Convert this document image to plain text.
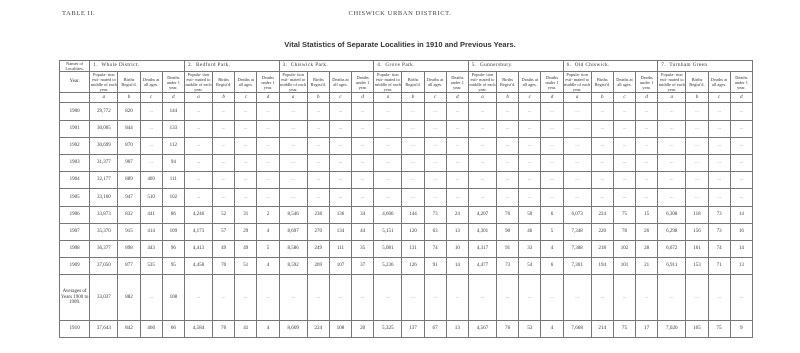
TABLE II.	CHISWICK URBAN DISTRICT.
Vital Statistics of Separate Localities in 1910 and Previous Years.
Names of Localities.	1. Whole District.				2. Bedford Park.				3. Chiswick Park.				4. Grove Park.				5. Gunnersbury.				6. Old Chiswick.				7. Turnham Green.			
Year.	Popula- tion esti- mated to middle of each year.	Births Regist'd.	Deaths at all ages.	Deaths under 1 year.	Popula- tion esti- mated to middle of each year.	Births Regist'd.	Deaths at all ages.	Deaths under 1 year.	Popula- tion esti- mated to middle of each year.	Births Regist'd.	Deaths at all ages.	Deaths under 1 year.	Popula- tion esti- mated to middle of each year.	Births Regist'd.	Deaths at all ages.	Deaths under 1 year.	Popula- tion esti- mated to middle of each year.	Births Regist'd.	Deaths at all ages.	Deaths under 1 year.	Popula- tion esti- mated to middle of each year.	Births Regist'd.	Deaths at all ages.	Deaths under 1 year.	Popula- tion esti- mated to middle of each year.	Births Regist'd.	Deaths at all ages.	Deaths under 1 year.
	a	b	c	d	a	b	c	d	a	b	c	d	a	b	c	d	a	b	c	d	a	b	c	d	a	b	c	d
1900	29,772	820	...	144	...	...	...	...	...	...	...	...	...	...	...	...	...	...	...	...	...	...	...	...	...	...	...	...
1901	30,005	844	...	133	...	...	...	...	...	...	...	...	...	...	...	...	...	...	...	...	...	...	...	...	...	...	...	...
1902	30,699	870	...	112	...	...	...	...	...	...	...	...	...	...	...	...	...	...	...	...	...	...	...	...	...	...	...	...
1903	31,377	907	...	94	...	...	...	...	...	...	...	...	...	...	...	...	...	...	...	...	...	...	...	...	...	...	...	...
1904	32,177	889	469	111	...	...	...	...	...	...	...	...	...	...	...	...	...	...	...	...	...	...	...	...	...	...	...	...
1905	33,160	947	510	102	...	...	...	...	...	...	...	...	...	...	...	...	...	...	...	...	...	...	...	...	...	...	...	...
1906	33,873	832	441	86	4,246	52	31	2	8,546	238	136	34	4,606	144	73	24	4,207	76	50	6	6,073	224	75	15	6,308	118	73	14
1907	35,370	915	414	109	4,173	57	29	4	8,697	270	134	44	5,151	120	63	13	4,301	90	46	5	7,348	220	78	26	6,298	156	73	16
1908	36,377	898	443	96	4,413	49	49	5	8,586	249	111	35	5,081	131	74	10	4,317	91	33	4	7,308	218	102	28	6,672	161	74	14
1909	37,050	877	535	95	4,458	70	51	4	8,592	269	107	37	5,236	126	91	14	4,477	73	54	6	7,361	194	101	21	6,911	153	71	13
Averages of Years 1900 to 1909.	33,037	882	...	108	...	...	...	...	...	...	...	...	...	...	...	...	...	...	...	...	...	...	...	...	...	...	...	...
1910	37,643	842	460	66	4,584	76	41	4	8,609	224	108	20	5,325	137	67	13	4,567	76	53	4	7,668	214	75	17	7,020	165	75	9
